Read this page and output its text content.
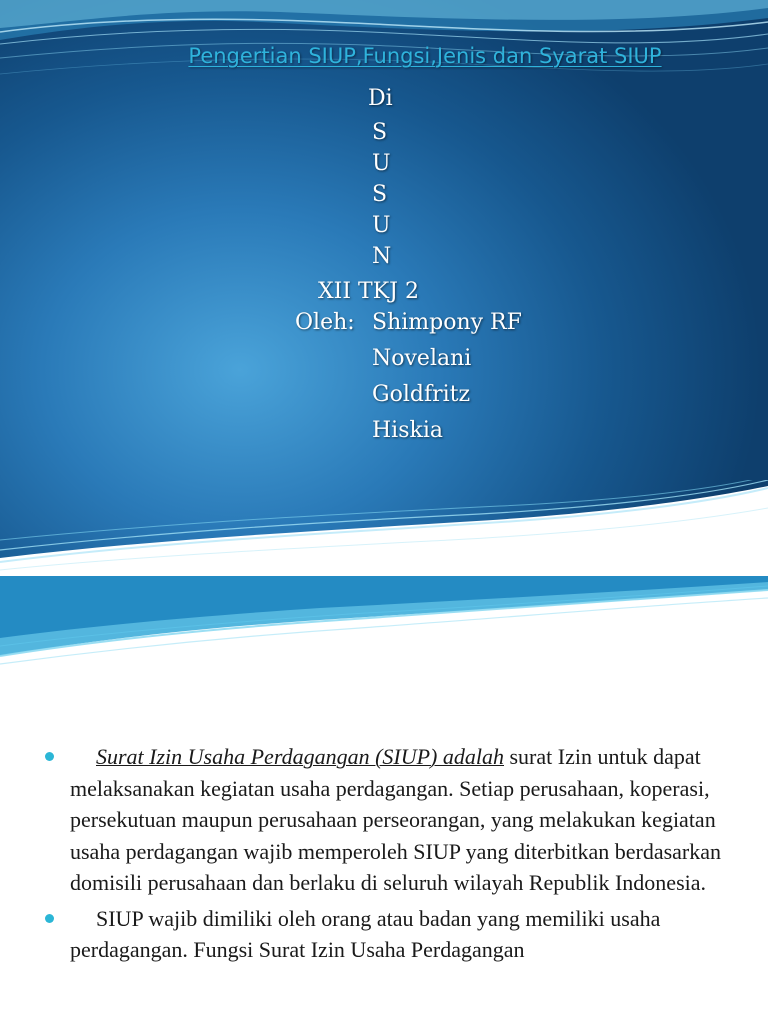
Pengertian SIUP,Fungsi,Jenis dan Syarat SIUP
Di
S
U
S
U
N
XII TKJ 2
Oleh: Shimpony RF
Novelani
Goldfritz
Hiskia
Surat Izin Usaha Perdagangan (SIUP) adalah surat Izin untuk dapat melaksanakan kegiatan usaha perdagangan. Setiap perusahaan, koperasi, persekutuan maupun perusahaan perseorangan, yang melakukan kegiatan usaha perdagangan wajib memperoleh SIUP yang diterbitkan berdasarkan domisili perusahaan dan berlaku di seluruh wilayah Republik Indonesia.
SIUP wajib dimiliki oleh orang atau badan yang memiliki usaha perdagangan. Fungsi Surat Izin Usaha Perdagangan
